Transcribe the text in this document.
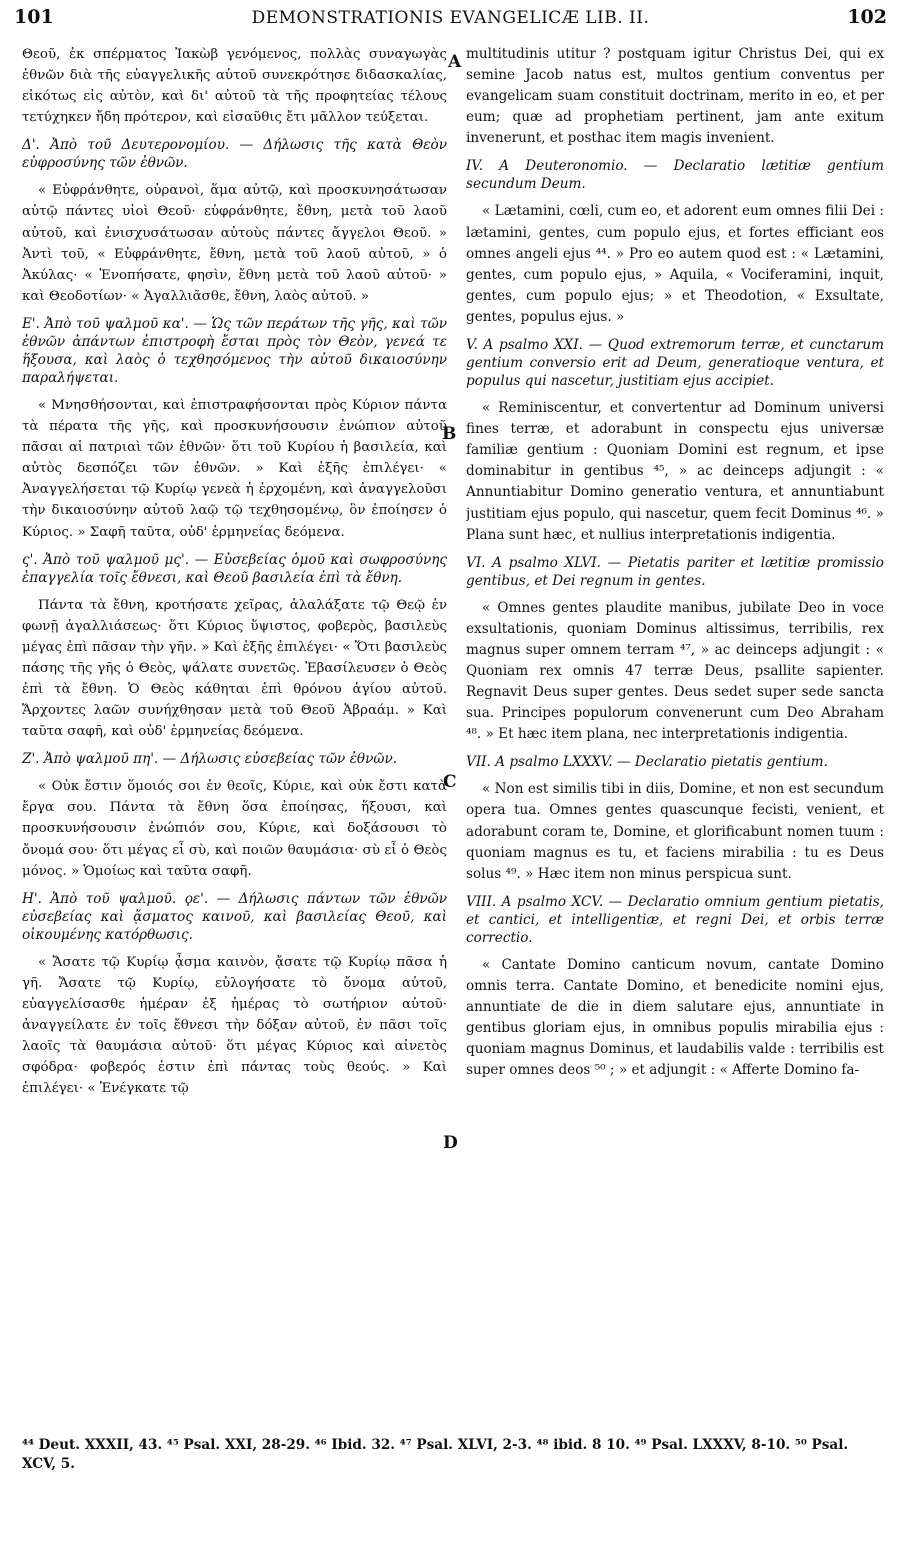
101	DEMONSTRATIONIS EVANGELICÆ LIB. II.	102
A
B
C
D

Θεοῦ, ἐκ σπέρματος Ἰακὼβ γενόμενος, πολλὰς συναγωγὰς ἐθνῶν διὰ τῆς εὐαγγελικῆς αὐτοῦ συνεκρότησε διδασκαλίας, εἰκότως εἰς αὐτὸν, καὶ δι' αὐτοῦ τὰ τῆς προφητείας τέλους τετύχηκεν ἤδη πρότερον, καὶ εἰσαῦθις ἔτι μᾶλλον τεύξεται.

Δ'. Ἀπὸ τοῦ Δευτερονομίου. — Δήλωσις τῆς κατὰ Θεὸν εὐφροσύνης τῶν ἐθνῶν.

« Εὐφράνθητε, οὐρανοὶ, ἅμα αὐτῷ, καὶ προσκυνησάτωσαν αὐτῷ πάντες υἱοὶ Θεοῦ· εὐφράνθητε, ἔθνη, μετὰ τοῦ λαοῦ αὐτοῦ, καὶ ἐνισχυσάτωσαν αὐτοὺς πάντες ἄγγελοι Θεοῦ. » Ἀντὶ τοῦ, « Εὐφράνθητε, ἔθνη, μετὰ τοῦ λαοῦ αὐτοῦ, » ὁ Ἀκύλας· « Ἐνοπήσατε, φησὶν, ἔθνη μετὰ τοῦ λαοῦ αὐτοῦ· » καὶ Θεοδοτίων· « Ἀγαλλιᾶσθε, ἔθνη, λαὸς αὐτοῦ. »

Ε'. Ἀπὸ τοῦ ψαλμοῦ κα'. — Ὡς τῶν περάτων τῆς γῆς, καὶ τῶν ἐθνῶν ἁπάντων ἐπιστροφὴ ἔσται πρὸς τὸν Θεὸν, γενεά τε ἥξουσα, καὶ λαὸς ὁ τεχθησόμενος τὴν αὐτοῦ δικαιοσύνην παραλήψεται.

« Μνησθήσονται, καὶ ἐπιστραφήσονται πρὸς Κύριον πάντα τὰ πέρατα τῆς γῆς, καὶ προσκυνήσουσιν ἐνώπιον αὐτοῦ πᾶσαι αἱ πατριαὶ τῶν ἐθνῶν· ὅτι τοῦ Κυρίου ἡ βασιλεία, καὶ αὐτὸς δεσπόζει τῶν ἐθνῶν. » Καὶ ἑξῆς ἐπιλέγει· « Ἀναγγελήσεται τῷ Κυρίῳ γενεὰ ἡ ἐρχομένη, καὶ ἀναγγελοῦσι τὴν δικαιοσύνην αὐτοῦ λαῷ τῷ τεχθησομένῳ, ὃν ἐποίησεν ὁ Κύριος. » Σαφῆ ταῦτα, οὐδ' ἑρμηνείας δεόμενα.

ς'. Ἀπὸ τοῦ ψαλμοῦ μς'. — Εὐσεβείας ὁμοῦ καὶ σωφροσύνης ἐπαγγελία τοῖς ἔθνεσι, καὶ Θεοῦ βασιλεία ἐπὶ τὰ ἔθνη.

Πάντα τὰ ἔθνη, κροτήσατε χεῖρας, ἀλαλάξατε τῷ Θεῷ ἐν φωνῇ ἀγαλλιάσεως· ὅτι Κύριος ὕψιστος, φοβερὸς, βασιλεὺς μέγας ἐπὶ πᾶσαν τὴν γῆν. » Καὶ ἑξῆς ἐπιλέγει· « Ὅτι βασιλεὺς πάσης τῆς γῆς ὁ Θεὸς, ψάλατε συνετῶς. Ἐβασίλευσεν ὁ Θεὸς ἐπὶ τὰ ἔθνη. Ὁ Θεὸς κάθηται ἐπὶ θρόνου ἁγίου αὐτοῦ. Ἄρχοντες λαῶν συνήχθησαν μετὰ τοῦ Θεοῦ Ἀβραάμ. » Καὶ ταῦτα σαφῆ, καὶ οὐδ' ἑρμηνείας δεόμενα.

Ζ'. Ἀπὸ ψαλμοῦ πη'. — Δήλωσις εὐσεβείας τῶν ἐθνῶν.

« Οὐκ ἔστιν ὅμοιός σοι ἐν θεοῖς, Κύριε, καὶ οὐκ ἔστι κατὰ ἔργα σου. Πάντα τὰ ἔθνη ὅσα ἐποίησας, ἥξουσι, καὶ προσκυνήσουσιν ἐνώπιόν σου, Κύριε, καὶ δοξάσουσι τὸ ὄνομά σου· ὅτι μέγας εἶ σὺ, καὶ ποιῶν θαυμάσια· σὺ εἶ ὁ Θεὸς μόνος. » Ὁμοίως καὶ ταῦτα σαφῆ.

Η'. Ἀπὸ τοῦ ψαλμοῦ. ϙε'. — Δήλωσις πάντων τῶν ἐθνῶν εὐσεβείας καὶ ᾄσματος καινοῦ, καὶ βασιλείας Θεοῦ, καὶ οἰκουμένης κατόρθωσις.

« Ἄσατε τῷ Κυρίῳ ᾆσμα καινὸν, ᾄσατε τῷ Κυρίῳ πᾶσα ἡ γῆ. Ἄσατε τῷ Κυρίῳ, εὐλογήσατε τὸ ὄνομα αὐτοῦ, εὐαγγελίσασθε ἡμέραν ἐξ ἡμέρας τὸ σωτήριον αὐτοῦ· ἀναγγείλατε ἐν τοῖς ἔθνεσι τὴν δόξαν αὐτοῦ, ἐν πᾶσι τοῖς λαοῖς τὰ θαυμάσια αὐτοῦ· ὅτι μέγας Κύριος καὶ αἰνετὸς σφόδρα· φοβερός ἐστιν ἐπὶ πάντας τοὺς θεούς. » Καὶ ἐπιλέγει· « Ἐνέγκατε τῷ

multitudinis utitur ? postquam igitur Christus Dei, qui ex semine Jacob natus est, multos gentium conventus per evangelicam suam constituit doctrinam, merito in eo, et per eum; quæ ad prophetiam pertinent, jam ante exitum invenerunt, et posthac item magis invenient.

IV. A Deuteronomio. — Declaratio lætitiæ gentium secundum Deum.

« Lætamini, cœli, cum eo, et adorent eum omnes filii Dei : lætamini, gentes, cum populo ejus, et fortes efficiant eos omnes angeli ejus ⁴⁴. » Pro eo autem quod est : « Lætamini, gentes, cum populo ejus, » Aquila, « Vociferamini, inquit, gentes, cum populo ejus; » et Theodotion, « Exsultate, gentes, populus ejus. »

V. A psalmo XXI. — Quod extremorum terræ, et cunctarum gentium conversio erit ad Deum, generatioque ventura, et populus qui nascetur, justitiam ejus accipiet.

« Reminiscentur, et convertentur ad Dominum universi fines terræ, et adorabunt in conspectu ejus universæ familiæ gentium : Quoniam Domini est regnum, et ipse dominabitur in gentibus ⁴⁵, » ac deinceps adjungit : « Annuntiabitur Domino generatio ventura, et annuntiabunt justitiam ejus populo, qui nascetur, quem fecit Dominus ⁴⁶. » Plana sunt hæc, et nullius interpretationis indigentia.

VI. A psalmo XLVI. — Pietatis pariter et lætitiæ promissio gentibus, et Dei regnum in gentes.

« Omnes gentes plaudite manibus, jubilate Deo in voce exsultationis, quoniam Dominus altissimus, terribilis, rex magnus super omnem terram ⁴⁷, » ac deinceps adjungit : « Quoniam rex omnis 47 terræ Deus, psallite sapienter. Regnavit Deus super gentes. Deus sedet super sede sancta sua. Principes populorum convenerunt cum Deo Abraham ⁴⁸. » Et hæc item plana, nec interpretationis indigentia.

VII. A psalmo LXXXV. — Declaratio pietatis gentium.

« Non est similis tibi in diis, Domine, et non est secundum opera tua. Omnes gentes quascunque fecisti, venient, et adorabunt coram te, Domine, et glorificabunt nomen tuum : quoniam magnus es tu, et faciens mirabilia : tu es Deus solus ⁴⁹. » Hæc item non minus perspicua sunt.

VIII. A psalmo XCV. — Declaratio omnium gentium pietatis, et cantici, et intelligentiæ, et regni Dei, et orbis terræ correctio.

« Cantate Domino canticum novum, cantate Domino omnis terra. Cantate Domino, et benedicite nomini ejus, annuntiate de die in diem salutare ejus, annuntiate in gentibus gloriam ejus, in omnibus populis mirabilia ejus : quoniam magnus Dominus, et laudabilis valde : terribilis est super omnes deos ⁵⁰ ; » et adjungit : « Afferte Domino fa-

⁴⁴ Deut. XXXII, 43. ⁴⁵ Psal. XXI, 28-29. ⁴⁶ Ibid. 32. ⁴⁷ Psal. XLVI, 2-3. ⁴⁸ ibid. 8 10. ⁴⁹ Psal. LXXXV, 8-10. ⁵⁰ Psal. XCV, 5.
